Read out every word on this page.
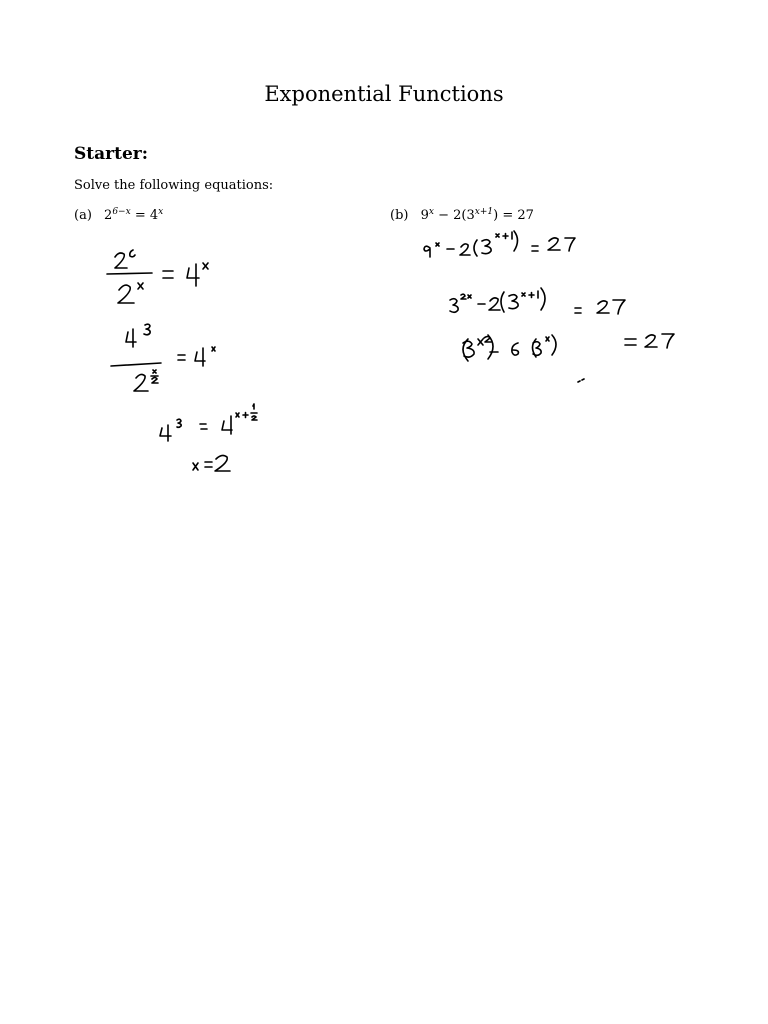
Exponential Functions
Starter:
Solve the following equations:
(a) $2^{6-x} = 4^x$	(b) $9^x - 2(3^{x+1}) = 27$
